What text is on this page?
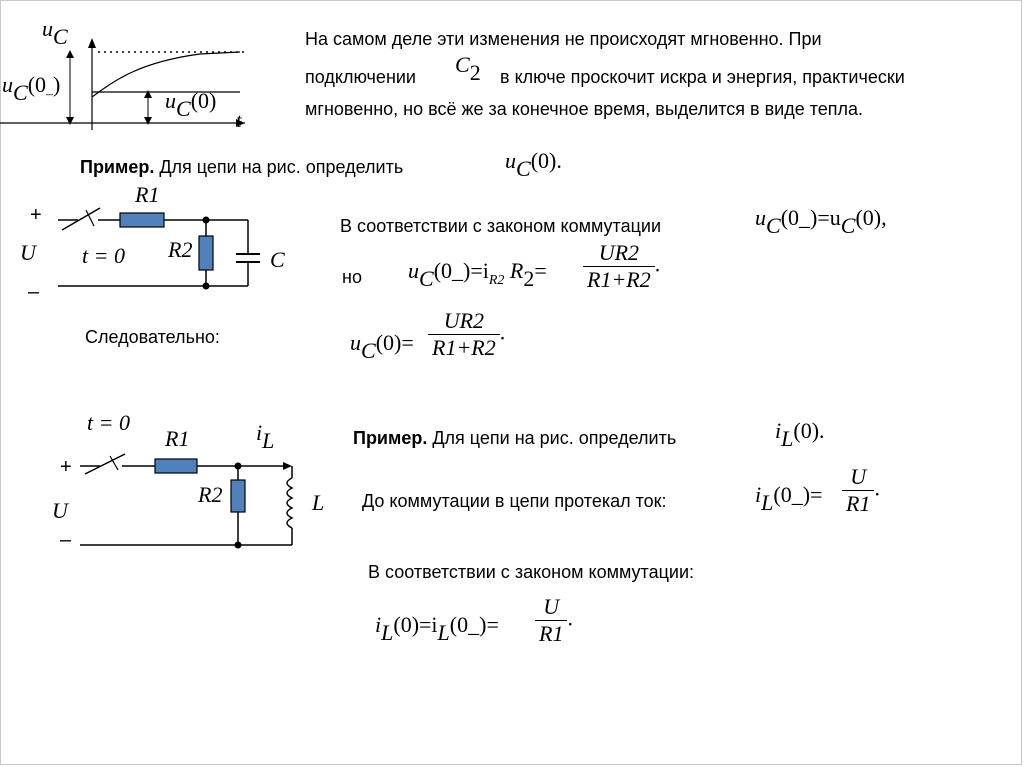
uC
$uC(0_-)$
uC(0)
t
На самом деле эти изменения не происходят мгновенно. При
подключении C2 в ключе проскочит искра и энергия, практически
мгновенно, но всё же за конечное время, выделится в виде тепла.
Пример. Для цепи на рис. определить	uC(0).
+
U
–
t = 0
R1
R2	C
В соответствии с законом коммутации	uC(0_)=uC(0),
но $uC(0\_)=i_{R2}$ $R2= \frac{UR2}{R1+R2}$ .
Следовательно:	$uC(0)= \frac{UR2}{R1+R2}$ .
t = 0
+
U
–
R1
R2
iL
L
Пример. Для цепи на рис. определить	iL(0).
До коммутации в цепи протекал ток:	iL(0_)= $\frac{U}{R1}$ .
В соответствии с законом коммутации:
iL(0)=iL(0_)= $\frac{U}{R1}$ .
